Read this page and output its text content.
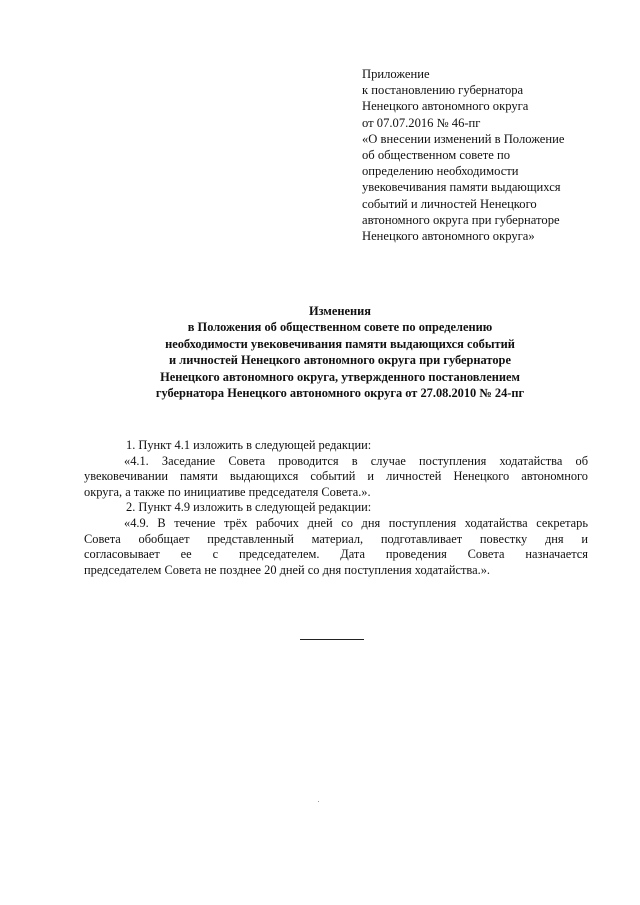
Приложение
к постановлению губернатора
Ненецкого автономного округа
от 07.07.2016 № 46-пг
«О внесении изменений в Положение
об общественном совете по
определению необходимости
увековечивания памяти выдающихся
событий и личностей Ненецкого
автономного округа при губернаторе
Ненецкого автономного округа»
Изменения
в Положения об общественном совете по определению
необходимости увековечивания памяти выдающихся событий
и личностей Ненецкого автономного округа при губернаторе
Ненецкого автономного округа, утвержденного постановлением
губернатора Ненецкого автономного округа от 27.08.2010 № 24-пг
1. Пункт 4.1 изложить в следующей редакции:
«4.1. Заседание Совета проводится в случае поступления ходатайства об
увековечивании памяти выдающихся событий и личностей Ненецкого автономного
округа, а также по инициативе председателя Совета.».
2. Пункт 4.9 изложить в следующей редакции:
«4.9. В течение трёх рабочих дней со дня поступления ходатайства секретарь
Совета обобщает представленный материал, подготавливает повестку дня и
согласовывает ее с председателем. Дата проведения Совета назначается
председателем Совета не позднее 20 дней со дня поступления ходатайства.».
